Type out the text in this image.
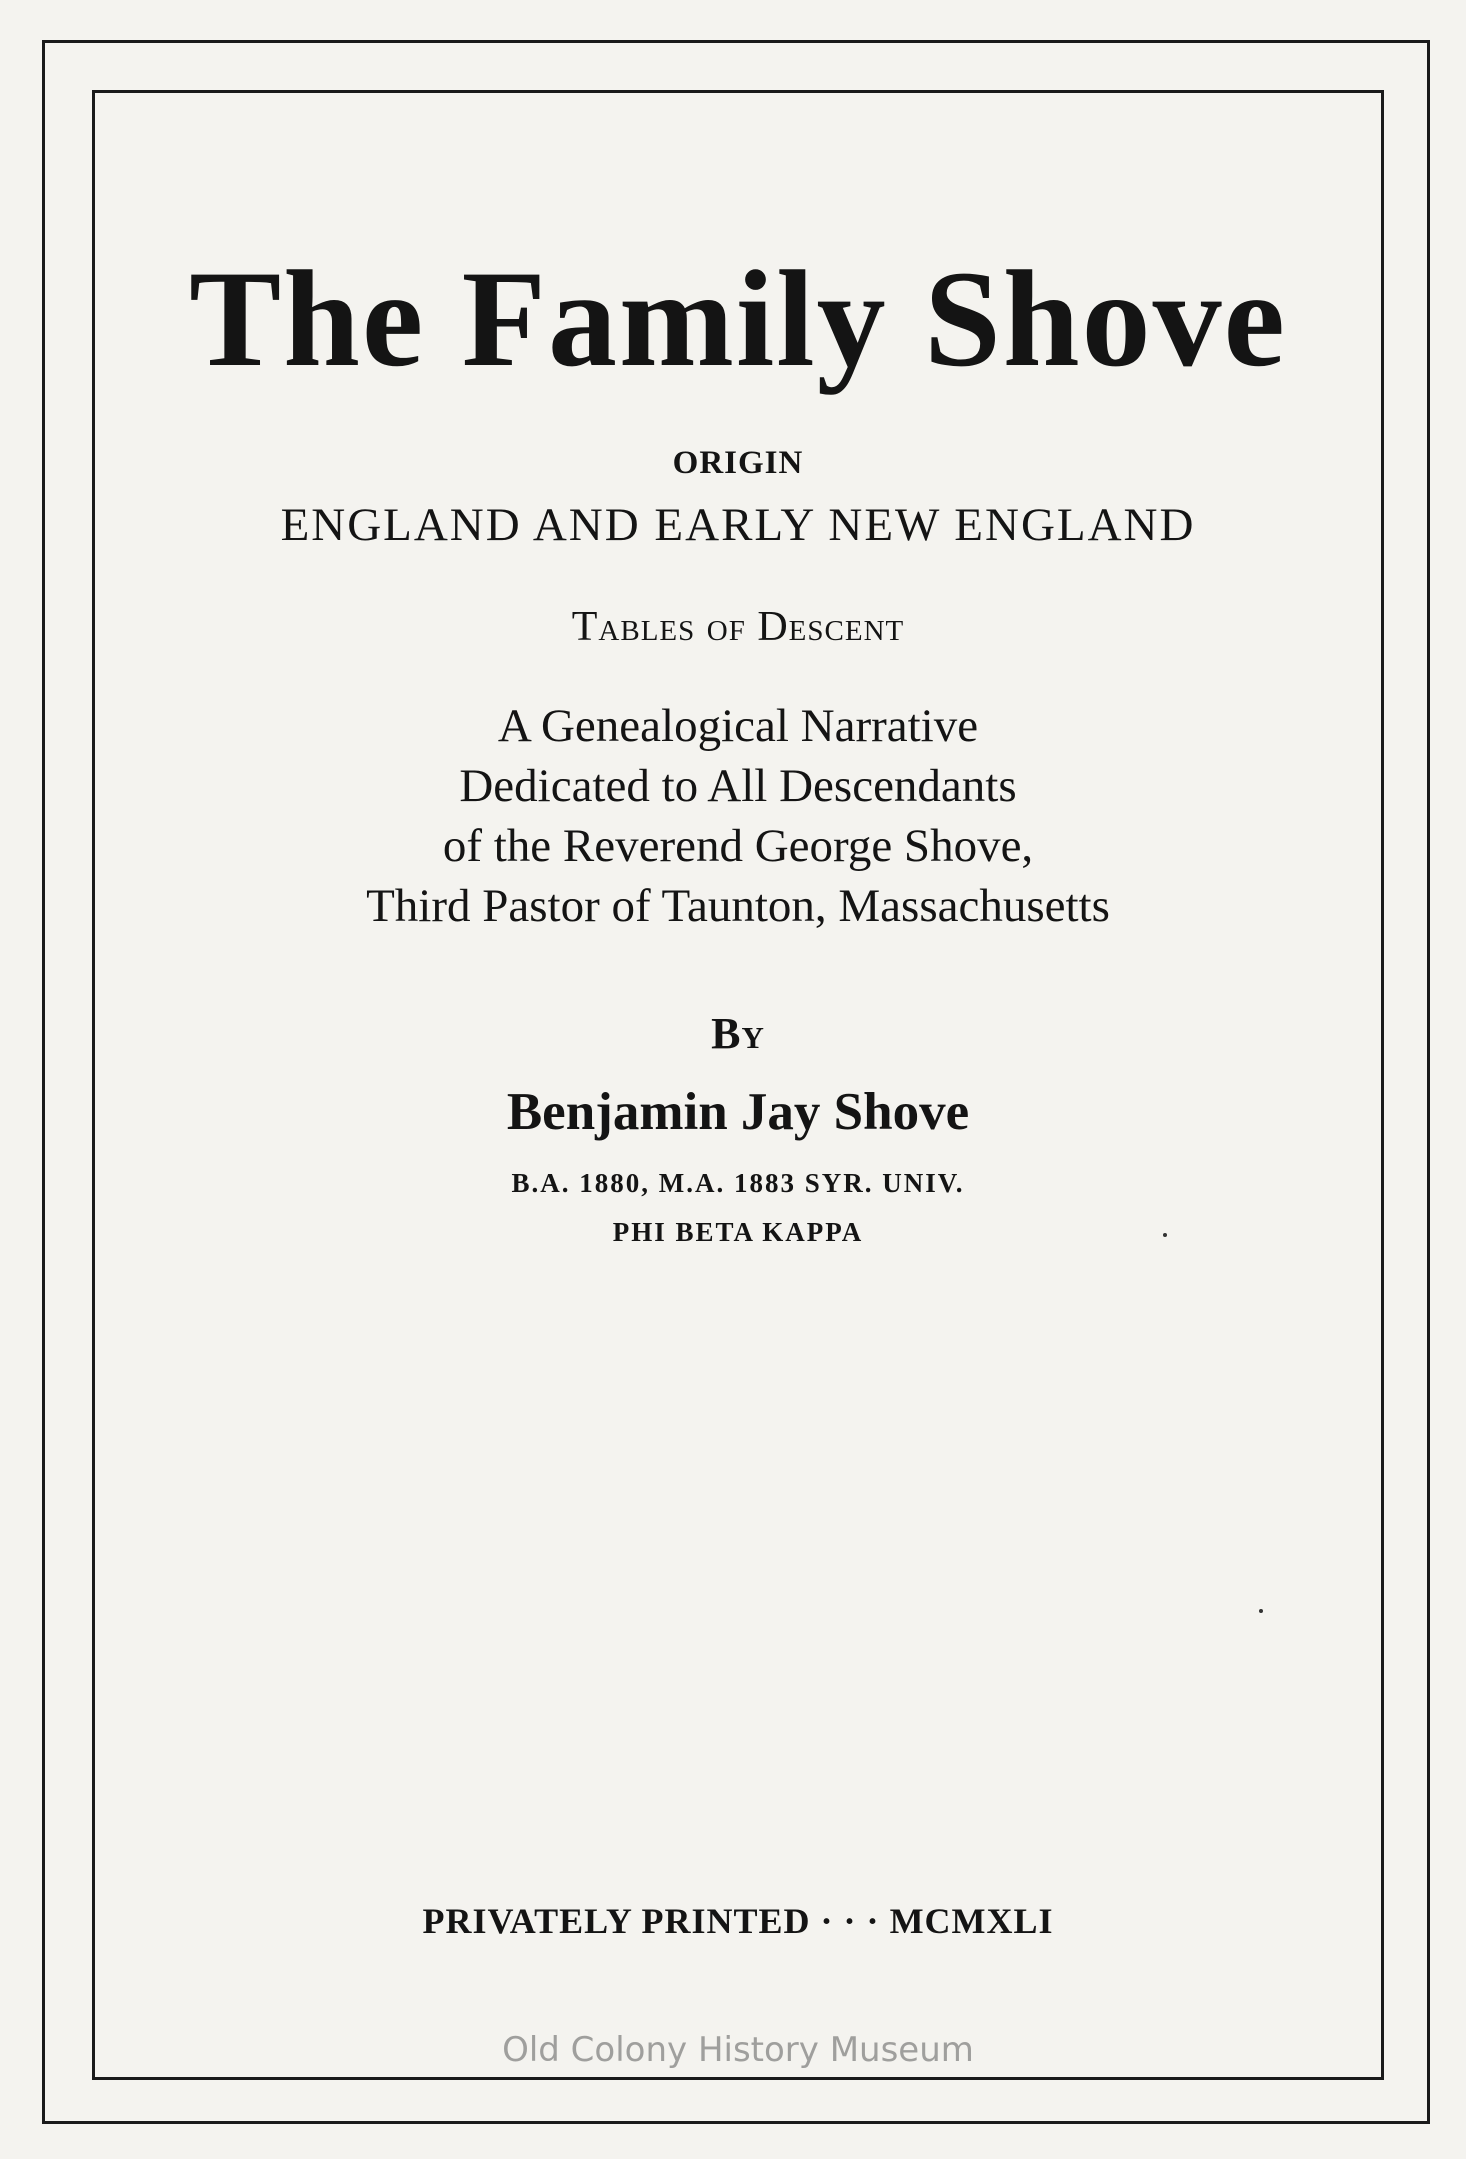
The Family Shove
ORIGIN
ENGLAND AND EARLY NEW ENGLAND
Tables of Descent
A Genealogical Narrative
Dedicated to All Descendants
of the Reverend George Shove,
Third Pastor of Taunton, Massachusetts
By
Benjamin Jay Shove
B.A. 1880, M.A. 1883 SYR. UNIV.
PHI BETA KAPPA
PRIVATELY PRINTED · · · MCMXLI
Old Colony History Museum
